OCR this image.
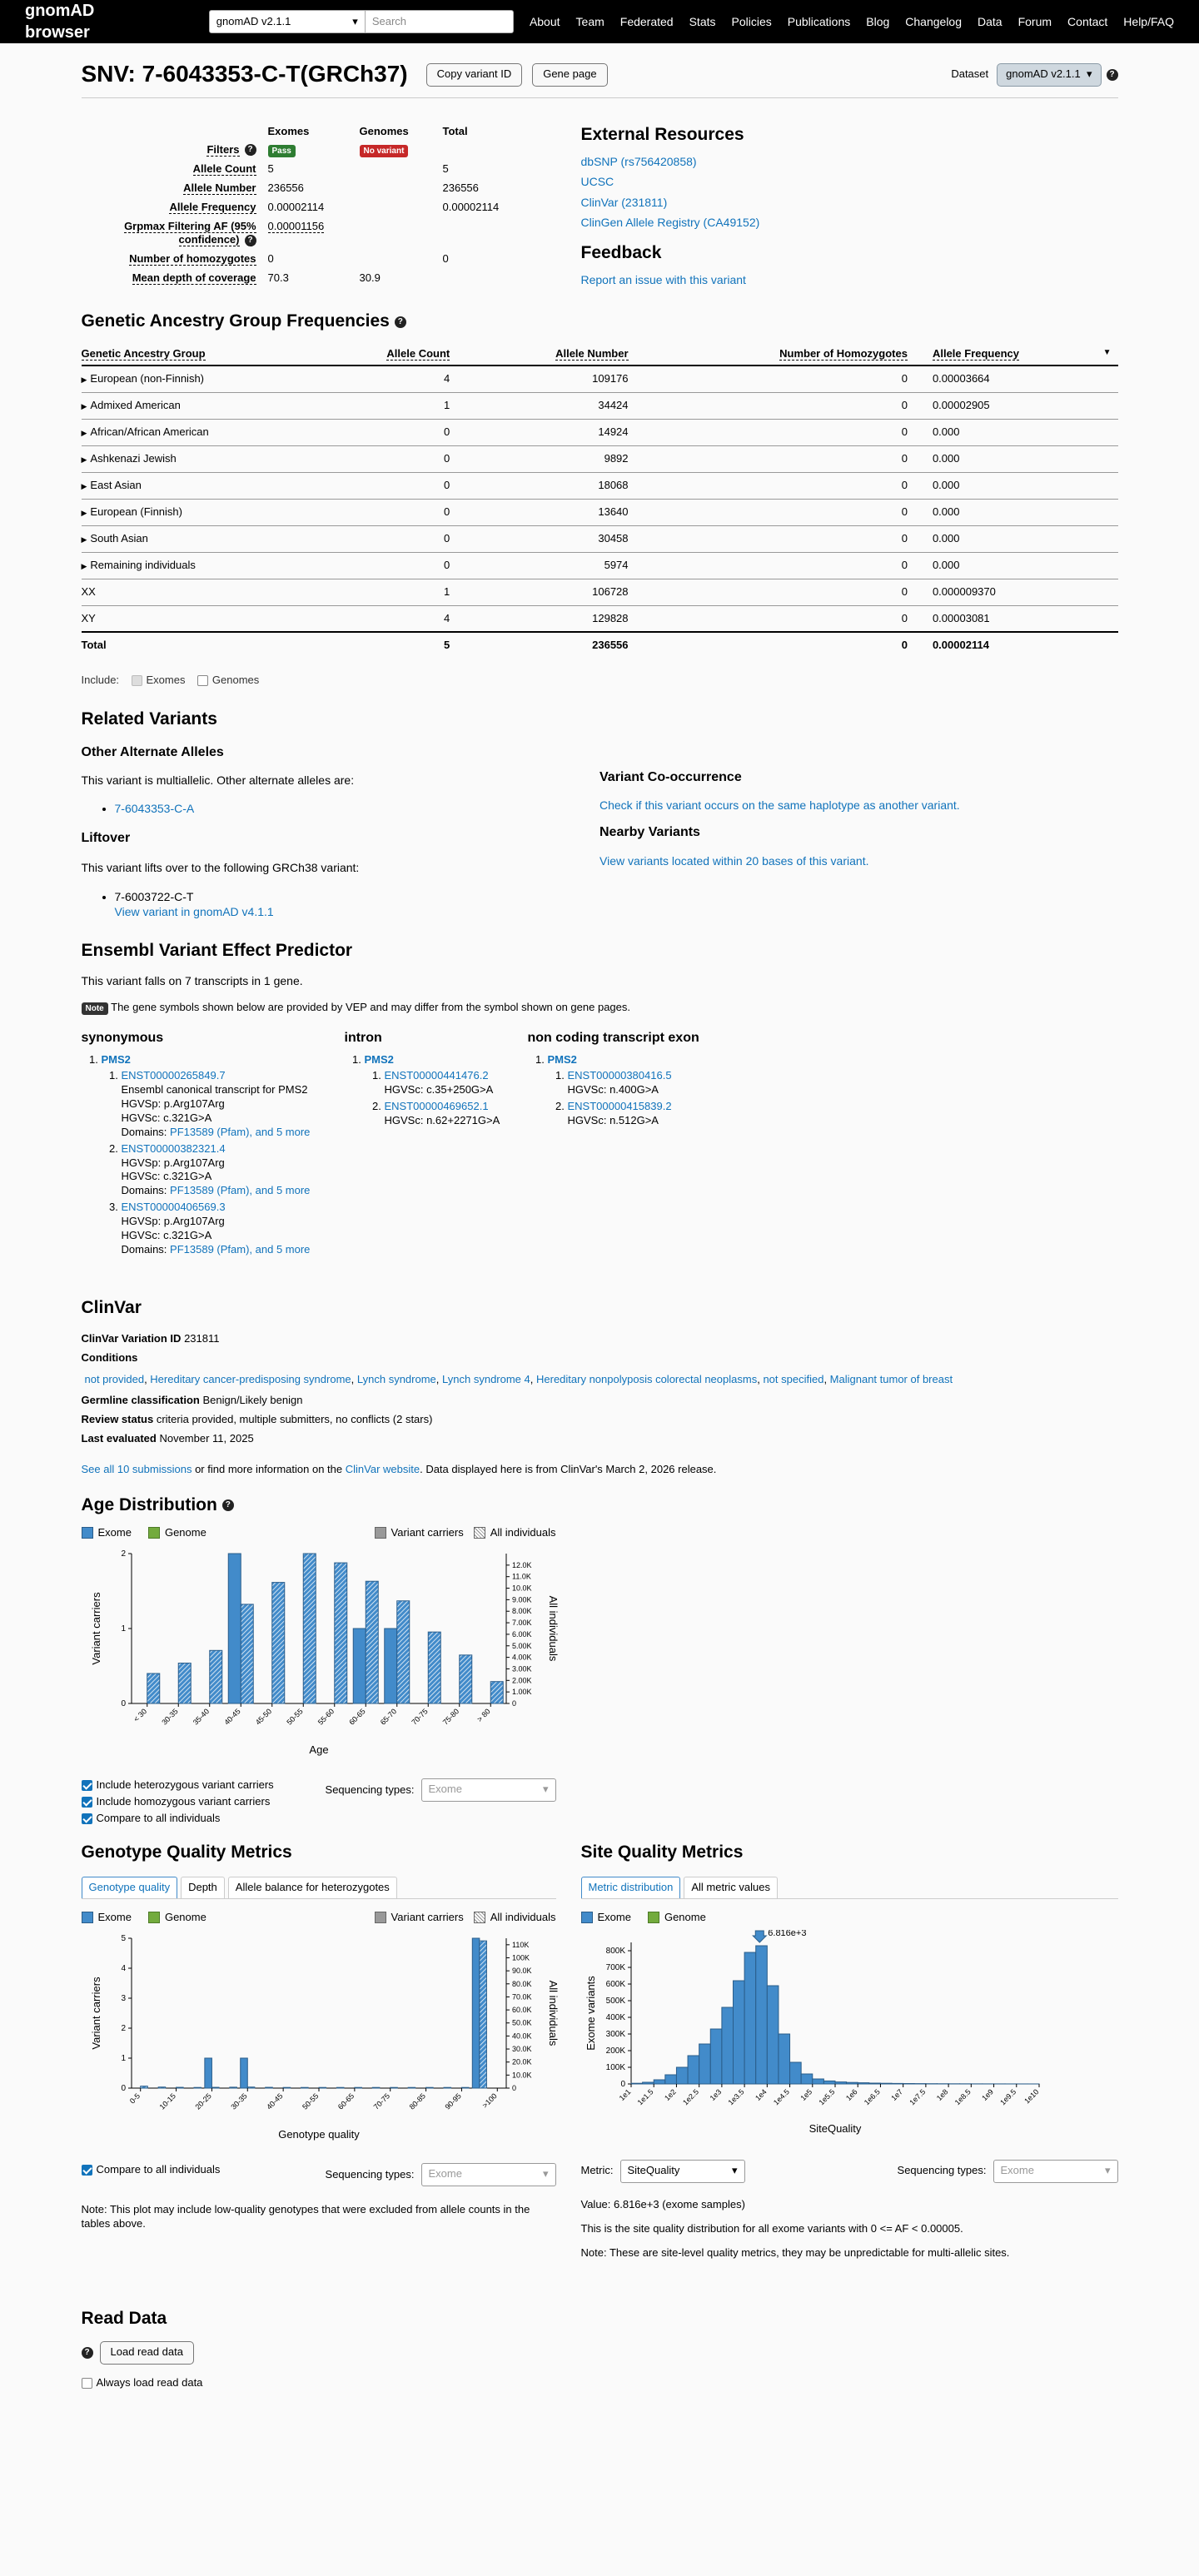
gnomAD browser
gnomAD v2.1.1	▾	Search	About Team Federated Stats Policies Publications Blog Changelog Data Forum Contact Help/FAQ
SNV: 7-6043353-C-T(GRCh37)	Copy variant ID	Gene page	Dataset gnomAD v2.1.1 ▾	?
	Exomes	Genomes	Total
Filters ?	Pass	No variant	
Allele Count	5		5
Allele Number	236556		236556
Allele Frequency	0.00002114		0.00002114
Grpmax Filtering AF (95% confidence) ?	0.00001156		
Number of homozygotes	0		0
Mean depth of coverage	70.3	30.9	
External Resources
dbSNP (rs756420858)
UCSC
ClinVar (231811)
ClinGen Allele Registry (CA49152)
Feedback
Report an issue with this variant
Genetic Ancestry Group Frequencies ?
Genetic Ancestry Group	Allele Count	Allele Number	Number of Homozygotes	Allele Frequency ▼

▶ European (non-Finnish)	4	109176	0	0.00003664
▶ Admixed American	1	34424	0	0.00002905
▶ African/African American	0	14924	0	0.000
▶ Ashkenazi Jewish	0	9892	0	0.000
▶ East Asian	0	18068	0	0.000
▶ European (Finnish)	0	13640	0	0.000
▶ South Asian	0	30458	0	0.000
▶ Remaining individuals	0	5974	0	0.000
XX	1	106728	0	0.000009370
XY	4	129828	0	0.00003081
Total	5	236556	0	0.00002114
Include: Exomes Genomes
Related Variants
Other Alternate Alleles

This variant is multiallelic. Other alternate alleles are:

• 7-6043353-C-A
Liftover

This variant lifts over to the following GRCh38 variant:

• 7-6003722-C-T
View variant in gnomAD v4.1.1
Variant Co-occurrence

Check if this variant occurs on the same haplotype as another variant.

Nearby Variants

View variants located within 20 bases of this variant.

Ensembl Variant Effect Predictor

This variant falls on 7 transcripts in 1 gene.

Note The gene symbols shown below are provided by VEP and may differ from the symbol shown on gene pages.

synonymous
1. PMS2
1. ENST00000265849.7
Ensembl canonical transcript for PMS2
HGVSp: p.Arg107Arg
HGVSc: c.321G>A
Domains: PF13589 (Pfam), and 5 more
2. ENST00000382321.4
HGVSp: p.Arg107Arg
HGVSc: c.321G>A
Domains: PF13589 (Pfam), and 5 more
3. ENST00000406569.3
HGVSp: p.Arg107Arg
HGVSc: c.321G>A
Domains: PF13589 (Pfam), and 5 more
intron
1. PMS2
1. ENST00000441476.2
HGVSc: c.35+250G>A
2. ENST00000469652.1
HGVSc: n.62+2271G>A
non coding transcript exon
1. PMS2
1. ENST00000380416.5
HGVSc: n.400G>A
2. ENST00000415839.2
HGVSc: n.512G>A
ClinVar

ClinVar Variation ID 231811

Conditions

not provided, Hereditary cancer-predisposing syndrome, Lynch syndrome, Lynch syndrome 4, Hereditary nonpolyposis colorectal neoplasms, not specified, Malignant tumor of breast

Germline classification Benign/Likely benign

Review status criteria provided, multiple submitters, no conflicts (2 stars)

Last evaluated November 11, 2025

See all 10 submissions or find more information on the ClinVar website. Data displayed here is from ClinVar's March 2, 2026 release.

Age Distribution ?
Exome	Genome	Variant carriers All individuals
0
1
2
0
1.00K
2.00K
3.00K
4.00K
5.00K
6.00K
7.00K
8.00K
9.00K
10.0K
11.0K
12.0K
< 30 30-35 35-40 40-45 45-50 50-55 55-60 60-65 65-70 70-75 75-80 > 80
Age
Variant carriers	All individuals
Include heterozygous variant carriers
Include homozygous variant carriers
Compare to all individuals
Sequencing types: Exome	▾
Genotype Quality Metrics
Genotype quality	Depth	Allele balance for heterozygotes
Exome	Genome	Variant carriers All individuals
0
1
2
3
4
5
0
10.0K
20.0K
30.0K
40.0K
50.0K
60.0K
70.0K
80.0K
90.0K
100K
110K
0-5 10-15 20-25 30-35 40-45 50-55 60-65 70-75 80-85 90-95 >100
Genotype quality
Variant carriers	All individuals
Compare to all individuals	Sequencing types: Exome	▾

Note: This plot may include low-quality genotypes that were excluded from allele counts in the tables above.

Site Quality Metrics
Metric distribution	All metric values
Exome	Genome
0
100K
200K
300K
400K
500K
600K
700K
800K
1e1 1e1.5 1e2 1e2.5 1e3 1e3.5 1e4 1e4.5 1e5 1e5.5 1e6 1e6.5 1e7 1e7.5 1e8 1e8.5 1e9 1e9.5 1e10
6.816e+3
SiteQuality
Exome variants
Metric: SiteQuality	▾	Sequencing types: Exome	▾

Value: 6.816e+3 (exome samples)

This is the site quality distribution for all exome variants with 0 <= AF < 0.00005.

Note: These are site-level quality metrics, they may be unpredictable for multi-allelic sites.

Read Data
?	Load read data
Always load read data
